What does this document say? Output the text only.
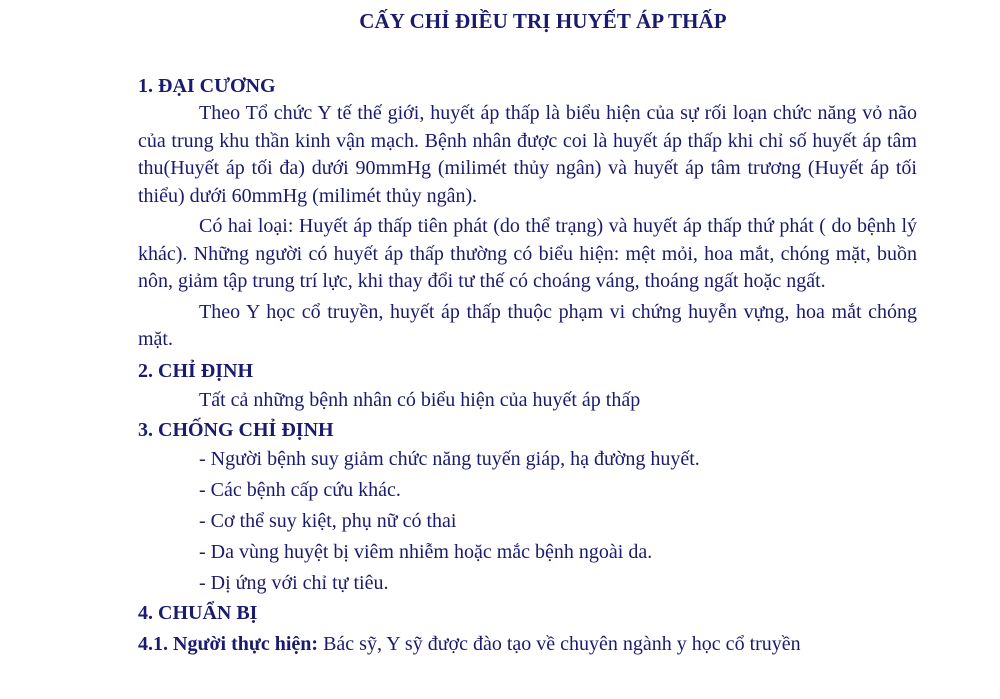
CẤY CHỈ ĐIỀU TRỊ HUYẾT ÁP THẤP
1. ĐẠI CƯƠNG

Theo Tổ chức Y tế thế giới, huyết áp thấp là biểu hiện của sự rối loạn chức năng vỏ não của trung khu thần kinh vận mạch. Bệnh nhân được coi là huyết áp thấp khi chỉ số huyết áp tâm thu(Huyết áp tối đa) dưới 90mmHg (milimét thủy ngân) và huyết áp tâm trương (Huyết áp tối thiểu) dưới 60mmHg (milimét thủy ngân).

Có hai loại: Huyết áp thấp tiên phát (do thể trạng) và huyết áp thấp thứ phát ( do bệnh lý khác). Những người có huyết áp thấp thường có biểu hiện: mệt mỏi, hoa mắt, chóng mặt, buồn nôn, giảm tập trung trí lực, khi thay đổi tư thế có choáng váng, thoáng ngất hoặc ngất.

Theo Y học cổ truyền, huyết áp thấp thuộc phạm vi chứng huyễn vựng, hoa mắt chóng mặt.

2. CHỈ ĐỊNH

Tất cả những bệnh nhân có biểu hiện của huyết áp thấp

3. CHỐNG CHỈ ĐỊNH
- Người bệnh suy giảm chức năng tuyến giáp, hạ đường huyết.
- Các bệnh cấp cứu khác.
- Cơ thể suy kiệt, phụ nữ có thai
- Da vùng huyệt bị viêm nhiễm hoặc mắc bệnh ngoài da.
- Dị ứng với chỉ tự tiêu.
4. CHUẨN BỊ

4.1. Người thực hiện: Bác sỹ, Y sỹ được đào tạo về chuyên ngành y học cổ truyền
